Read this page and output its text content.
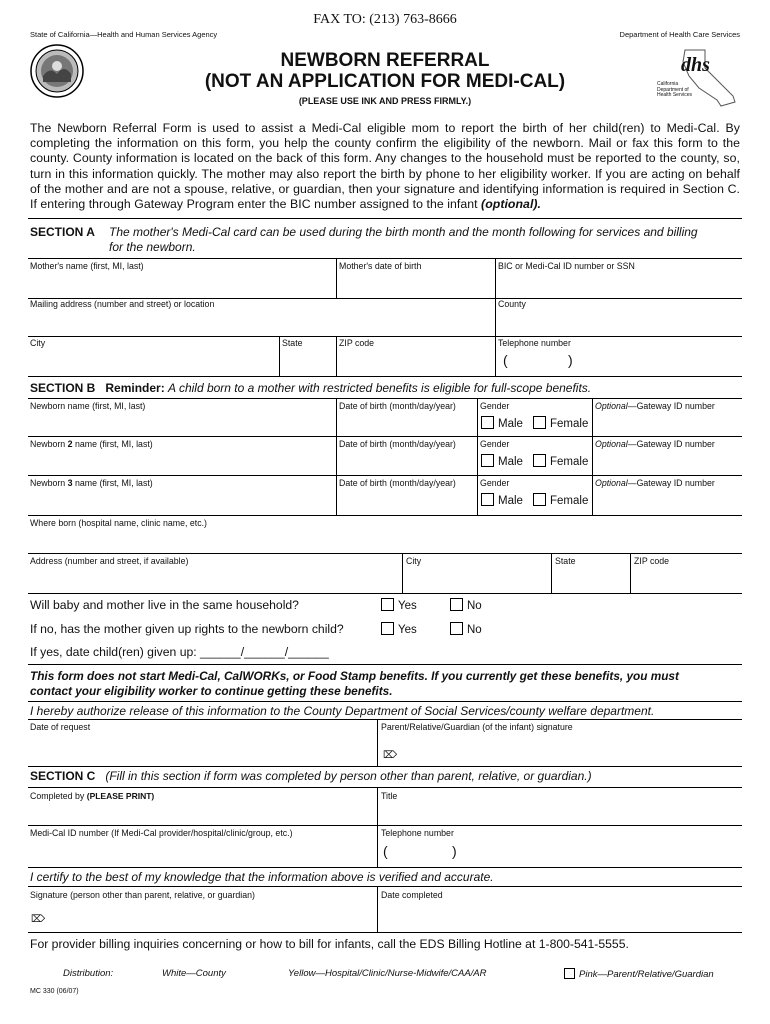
FAX TO: (213) 763-8666
State of California—Health and Human Services Agency	Department of Health Care Services
NEWBORN REFERRAL
(NOT AN APPLICATION FOR MEDI-CAL)
(PLEASE USE INK AND PRESS FIRMLY.)
dhs
California
Department of
Health Services
The Newborn Referral Form is used to assist a Medi-Cal eligible mom to report the birth of her child(ren) to Medi-Cal. By completing the information on this form, you help the county confirm the eligibility of the newborn. Mail or fax this form to the county. County information is located on the back of this form. Any changes to the household must be reported to the county, so, turn in this information quickly. The mother may also report the birth by phone to her eligibility worker. If you are acting on behalf of the mother and are not a spouse, relative, or guardian, then your signature and identifying information is required in Section C. If entering through Gateway Program enter the BIC number assigned to the infant (optional).
SECTION A The mother's Medi-Cal card can be used during the birth month and the month following for services and billing
for the newborn.
Mother's name (first, MI, last)	Mother's date of birth	BIC or Medi-Cal ID number or SSN
Mailing address (number and street) or location	County
City	State	ZIP code	Telephone number
(	)
SECTION B Reminder: A child born to a mother with restricted benefits is eligible for full-scope benefits.
Newborn name (first, MI, last)	Date of birth (month/day/year)	Gender	Optional—Gateway ID number
Male	Female
Newborn 2 name (first, MI, last)	Date of birth (month/day/year)	Gender	Optional—Gateway ID number
Male	Female
Newborn 3 name (first, MI, last)	Date of birth (month/day/year)	Gender	Optional—Gateway ID number
Male	Female
Where born (hospital name, clinic name, etc.)
Address (number and street, if available)	City	State	ZIP code
Will baby and mother live in the same household?	Yes	No
If no, has the mother given up rights to the newborn child?	Yes	No
If yes, date child(ren) given up: ______/______/______
This form does not start Medi-Cal, CalWORKs, or Food Stamp benefits. If you currently get these benefits, you must
contact your eligibility worker to continue getting these benefits.
I hereby authorize release of this information to the County Department of Social Services/county welfare department.
Date of request	Parent/Relative/Guardian (of the infant) signature
⌦
SECTION C (Fill in this section if form was completed by person other than parent, relative, or guardian.)
Completed by (PLEASE PRINT)	Title
Medi-Cal ID number (If Medi-Cal provider/hospital/clinic/group, etc.)	Telephone number
(	)
I certify to the best of my knowledge that the information above is verified and accurate.
Signature (person other than parent, relative, or guardian)	Date completed
⌦
For provider billing inquiries concerning or how to bill for infants, call the EDS Billing Hotline at 1-800-541-5555.
Distribution:	White—County	Yellow—Hospital/Clinic/Nurse-Midwife/CAA/AR	Pink—Parent/Relative/Guardian
MC 330 (06/07)
